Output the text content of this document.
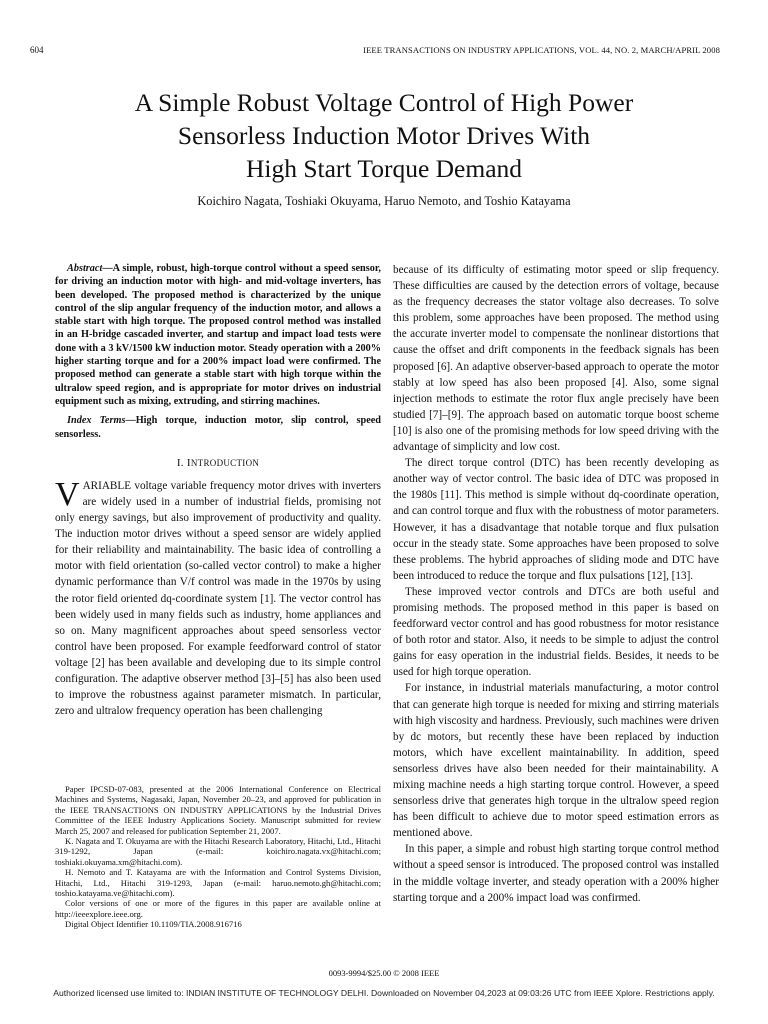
604	IEEE TRANSACTIONS ON INDUSTRY APPLICATIONS, VOL. 44, NO. 2, MARCH/APRIL 2008
A Simple Robust Voltage Control of High Power
Sensorless Induction Motor Drives With
High Start Torque Demand
Koichiro Nagata, Toshiaki Okuyama, Haruo Nemoto, and Toshio Katayama

Abstract—A simple, robust, high-torque control without a speed sensor, for driving an induction motor with high- and mid-voltage inverters, has been developed. The proposed method is characterized by the unique control of the slip angular frequency of the induction motor, and allows a stable start with high torque. The proposed control method was installed in an H-bridge cascaded inverter, and startup and impact load tests were done with a 3 kV/1500 kW induction motor. Steady operation with a 200% higher starting torque and for a 200% impact load were confirmed. The proposed method can generate a stable start with high torque within the ultralow speed region, and is appropriate for motor drives on industrial equipment such as mixing, extruding, and stirring machines.

Index Terms—High torque, induction motor, slip control, speed sensorless.

I. INTRODUCTION

VARIABLE voltage variable frequency motor drives with inverters are widely used in a number of industrial fields, promising not only energy savings, but also improvement of productivity and quality. The induction motor drives without a speed sensor are widely applied for their reliability and maintainability. The basic idea of controlling a motor with field orientation (so-called vector control) to make a higher dynamic performance than V/f control was made in the 1970s by using the rotor field oriented dq-coordinate system [1]. The vector control has been widely used in many fields such as industry, home appliances and so on. Many magnificent approaches about speed sensorless vector control have been proposed. For example feedforward control of stator voltage [2] has been available and developing due to its simple control configuration. The adaptive observer method [3]–[5] has also been used to improve the robustness against parameter mismatch. In particular, zero and ultralow frequency operation has been challenging

Paper IPCSD-07-083, presented at the 2006 International Conference on Electrical Machines and Systems, Nagasaki, Japan, November 20–23, and approved for publication in the IEEE TRANSACTIONS ON INDUSTRY APPLICATIONS by the Industrial Drives Committee of the IEEE Industry Applications Society. Manuscript submitted for review March 25, 2007 and released for publication September 21, 2007.

K. Nagata and T. Okuyama are with the Hitachi Research Laboratory, Hitachi, Ltd., Hitachi 319-1292, Japan (e-mail: koichiro.nagata.vx@hitachi.com; toshiaki.okuyama.xm@hitachi.com).

H. Nemoto and T. Katayama are with the Information and Control Systems Division, Hitachi, Ltd., Hitachi 319-1293, Japan (e-mail: haruo.nemoto.gh@hitachi.com; toshio.katayama.ve@hitachi.com).

Color versions of one or more of the figures in this paper are available online at http://ieeexplore.ieee.org.

Digital Object Identifier 10.1109/TIA.2008.916716

because of its difficulty of estimating motor speed or slip frequency. These difficulties are caused by the detection errors of voltage, because as the frequency decreases the stator voltage also decreases. To solve this problem, some approaches have been proposed. The method using the accurate inverter model to compensate the nonlinear distortions that cause the offset and drift components in the feedback signals has been proposed [6]. An adaptive observer-based approach to operate the motor stably at low speed has also been proposed [4]. Also, some signal injection methods to estimate the rotor flux angle precisely have been studied [7]–[9]. The approach based on automatic torque boost scheme [10] is also one of the promising methods for low speed driving with the advantage of simplicity and low cost.

The direct torque control (DTC) has been recently developing as another way of vector control. The basic idea of DTC was proposed in the 1980s [11]. This method is simple without dq-coordinate operation, and can control torque and flux with the robustness of motor parameters. However, it has a disadvantage that notable torque and flux pulsation occur in the steady state. Some approaches have been proposed to solve these problems. The hybrid approaches of sliding mode and DTC have been introduced to reduce the torque and flux pulsations [12], [13].

These improved vector controls and DTCs are both useful and promising methods. The proposed method in this paper is based on feedforward vector control and has good robustness for motor resistance of both rotor and stator. Also, it needs to be simple to adjust the control gains for easy operation in the industrial fields. Besides, it needs to be used for high torque operation.

For instance, in industrial materials manufacturing, a motor control that can generate high torque is needed for mixing and stirring materials with high viscosity and hardness. Previously, such machines were driven by dc motors, but recently these have been replaced by induction motors, which have excellent maintainability. In addition, speed sensorless drives have also been needed for their maintainability. A mixing machine needs a high starting torque control. However, a speed sensorless drive that generates high torque in the ultralow speed region has been difficult to achieve due to motor speed estimation errors as mentioned above.

In this paper, a simple and robust high starting torque control method without a speed sensor is introduced. The proposed control was installed in the middle voltage inverter, and steady operation with a 200% higher starting torque and a 200% impact load was confirmed.

0093-9994/$25.00 © 2008 IEEE
Authorized licensed use limited to: INDIAN INSTITUTE OF TECHNOLOGY DELHI. Downloaded on November 04,2023 at 09:03:26 UTC from IEEE Xplore. Restrictions apply.
